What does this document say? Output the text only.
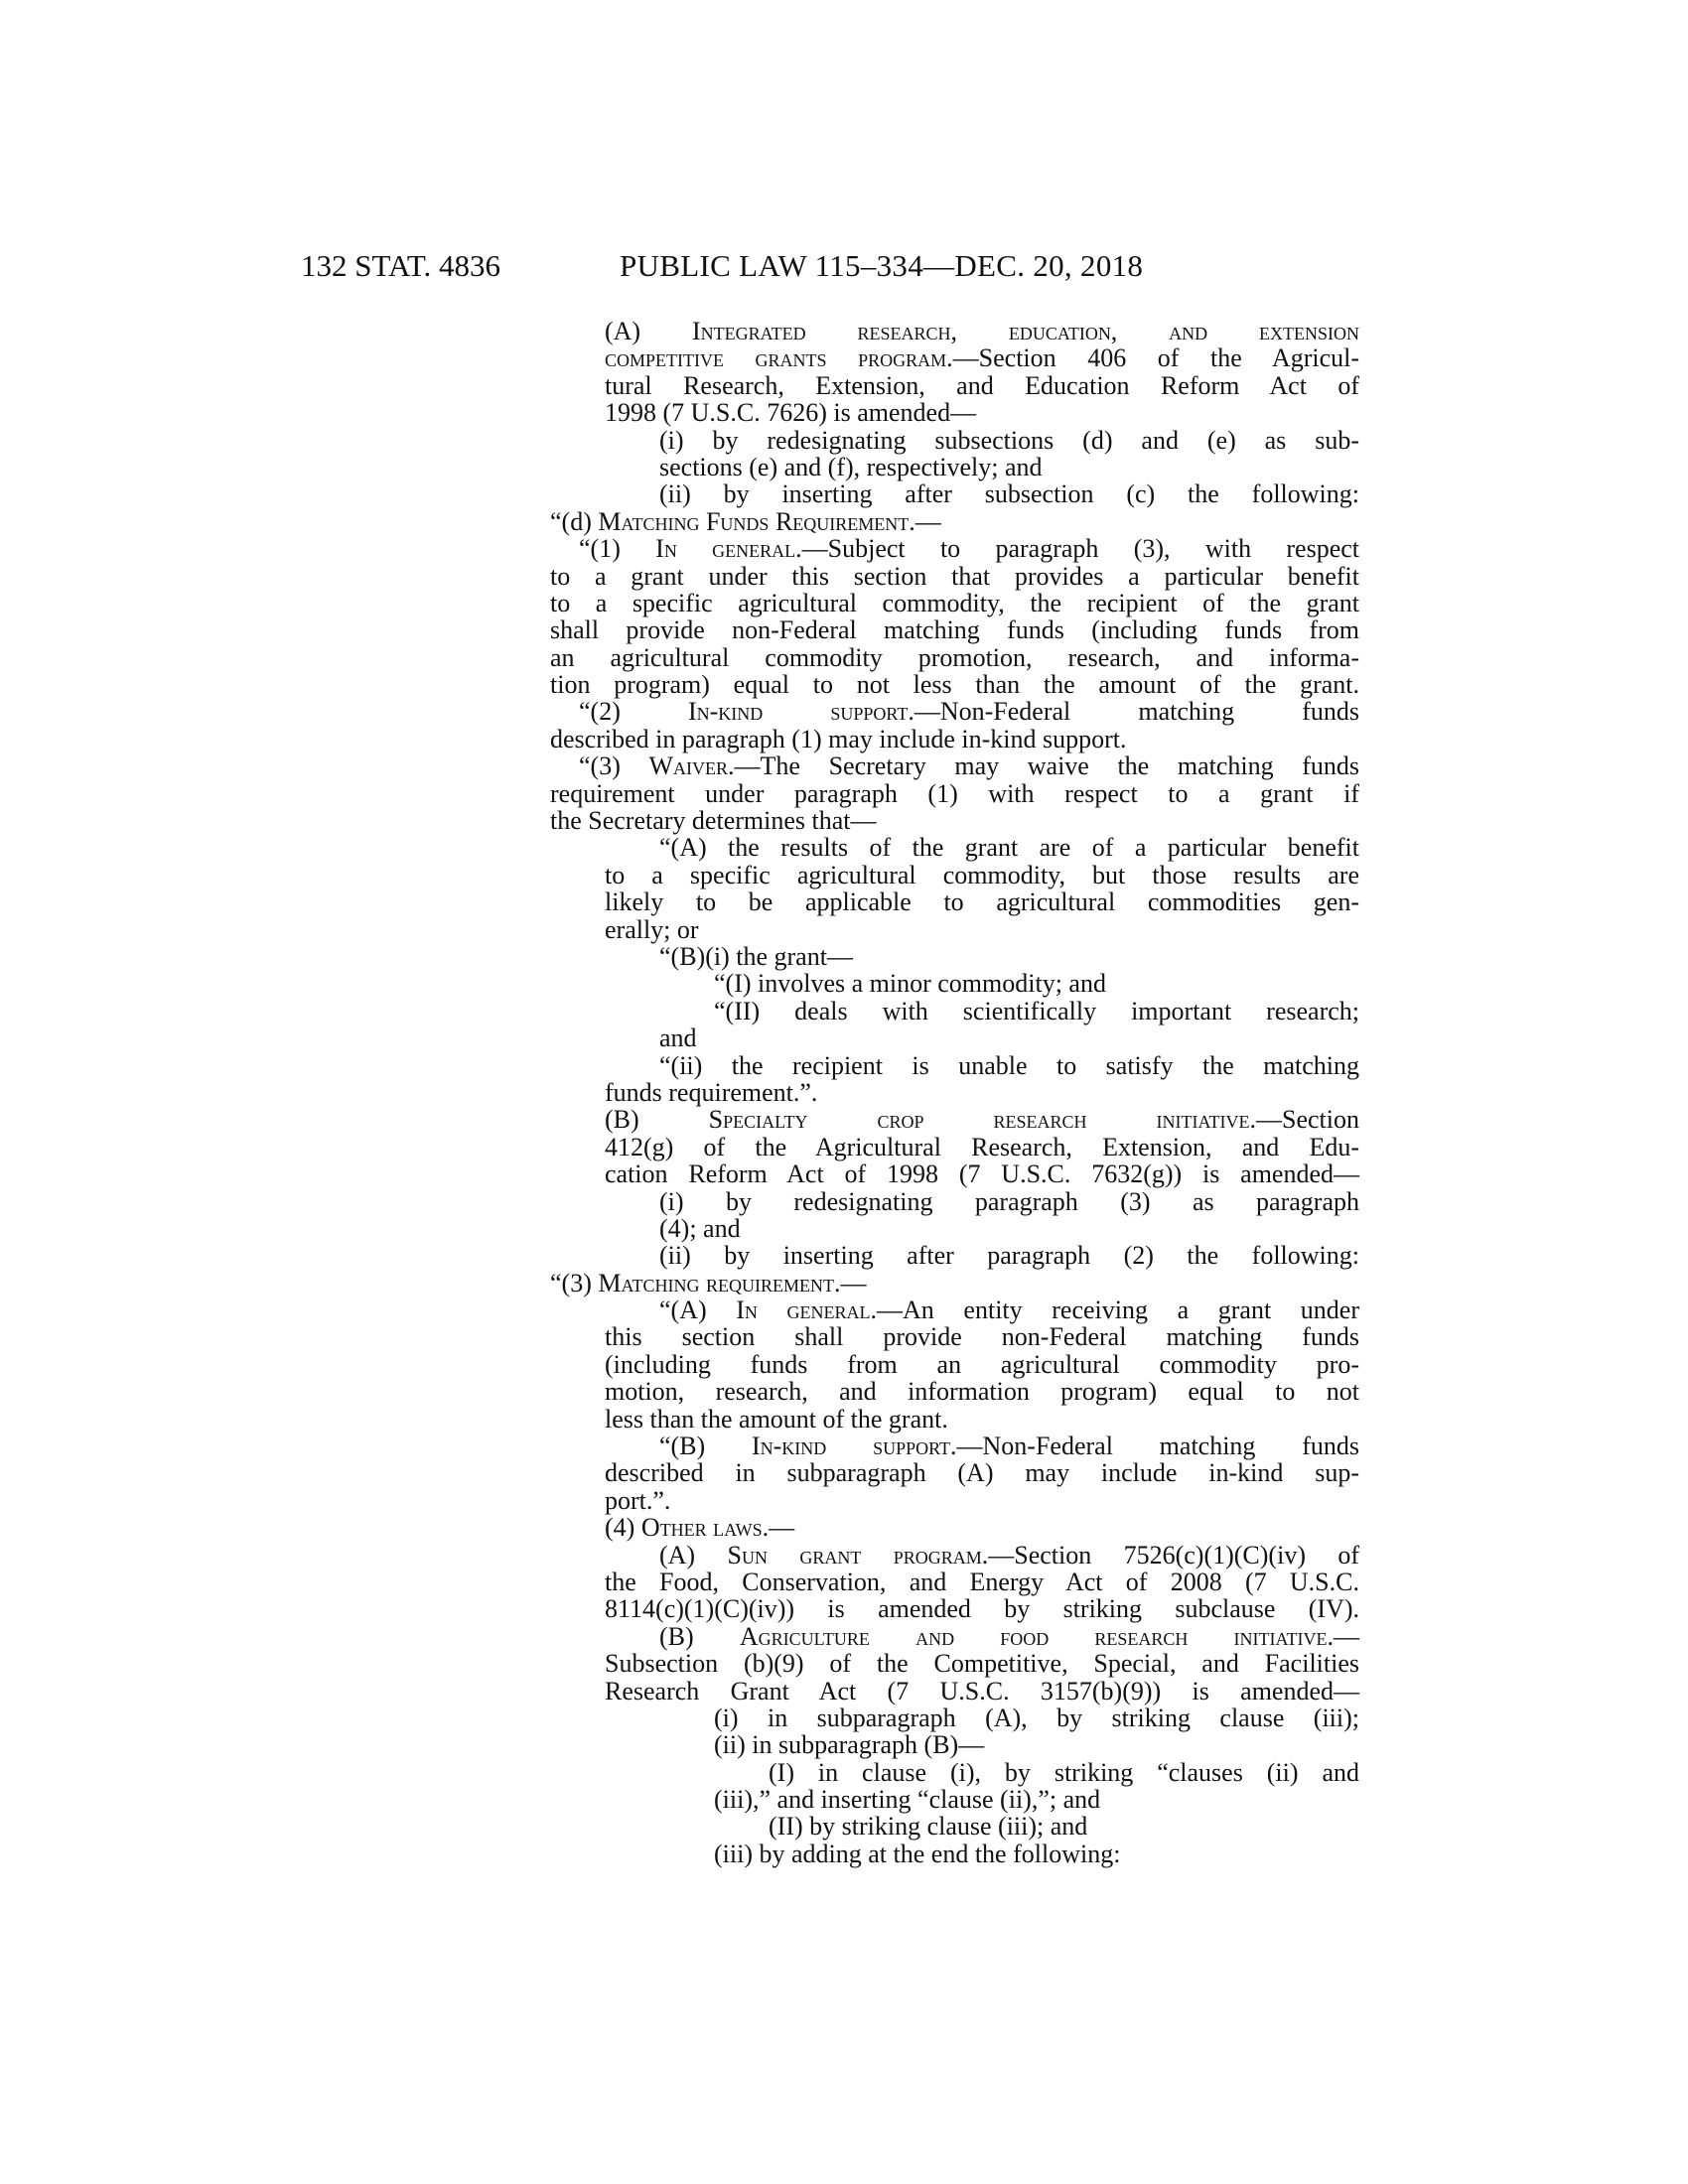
132 STAT. 4836	PUBLIC LAW 115–334—DEC. 20, 2018
(A) Integrated research, education, and extension
competitive grants program.—Section 406 of the Agricul-
tural Research, Extension, and Education Reform Act of
1998 (7 U.S.C. 7626) is amended—
(i) by redesignating subsections (d) and (e) as sub-
sections (e) and (f), respectively; and
(ii) by inserting after subsection (c) the following:
“(d) Matching Funds Requirement.—
“(1) In general.—Subject to paragraph (3), with respect
to a grant under this section that provides a particular benefit
to a specific agricultural commodity, the recipient of the grant
shall provide non-Federal matching funds (including funds from
an agricultural commodity promotion, research, and informa-
tion program) equal to not less than the amount of the grant.
“(2) In-kind support.—Non-Federal matching funds
described in paragraph (1) may include in-kind support.
“(3) Waiver.—The Secretary may waive the matching funds
requirement under paragraph (1) with respect to a grant if
the Secretary determines that—
“(A) the results of the grant are of a particular benefit
to a specific agricultural commodity, but those results are
likely to be applicable to agricultural commodities gen-
erally; or
“(B)(i) the grant—
“(I) involves a minor commodity; and
“(II) deals with scientifically important research;
and
“(ii) the recipient is unable to satisfy the matching
funds requirement.”.
(B) Specialty crop research initiative.—Section
412(g) of the Agricultural Research, Extension, and Edu-
cation Reform Act of 1998 (7 U.S.C. 7632(g)) is amended—
(i) by redesignating paragraph (3) as paragraph
(4); and
(ii) by inserting after paragraph (2) the following:
“(3) Matching requirement.—
“(A) In general.—An entity receiving a grant under
this section shall provide non-Federal matching funds
(including funds from an agricultural commodity pro-
motion, research, and information program) equal to not
less than the amount of the grant.
“(B) In-kind support.—Non-Federal matching funds
described in subparagraph (A) may include in-kind sup-
port.”.
(4) Other laws.—
(A) Sun grant program.—Section 7526(c)(1)(C)(iv) of
the Food, Conservation, and Energy Act of 2008 (7 U.S.C.
8114(c)(1)(C)(iv)) is amended by striking subclause (IV).
(B) Agriculture and food research initiative.—
Subsection (b)(9) of the Competitive, Special, and Facilities
Research Grant Act (7 U.S.C. 3157(b)(9)) is amended—
(i) in subparagraph (A), by striking clause (iii);
(ii) in subparagraph (B)—
(I) in clause (i), by striking “clauses (ii) and
(iii),” and inserting “clause (ii),”; and
(II) by striking clause (iii); and
(iii) by adding at the end the following:
